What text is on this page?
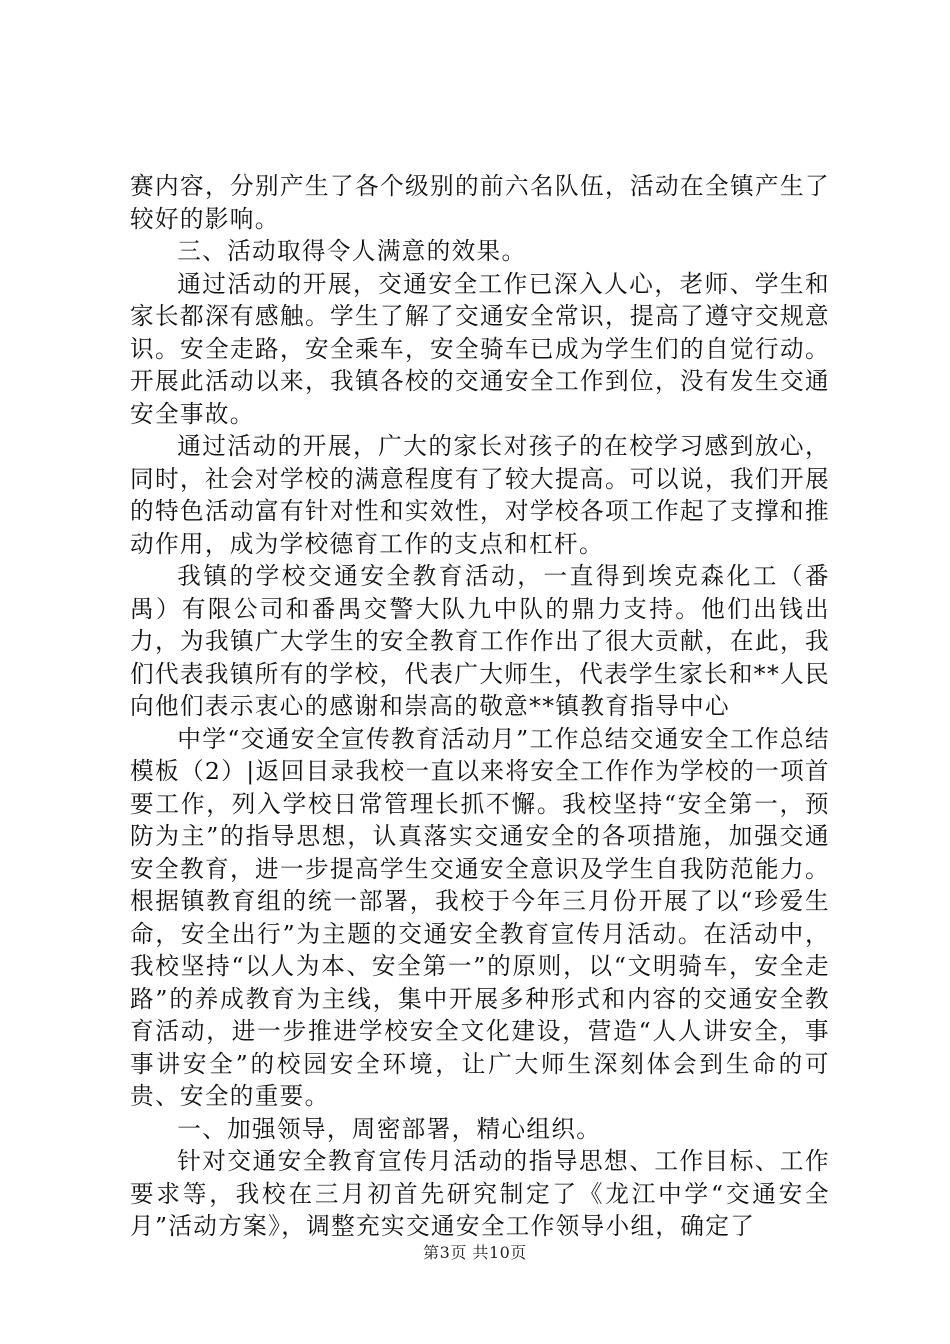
赛内容，分别产生了各个级别的前六名队伍，活动在全镇产生了较好的影响。

三、活动取得令人满意的效果。

通过活动的开展，交通安全工作已深入人心，老师、学生和家长都深有感触。学生了解了交通安全常识，提高了遵守交规意识。安全走路，安全乘车，安全骑车已成为学生们的自觉行动。开展此活动以来，我镇各校的交通安全工作到位，没有发生交通安全事故。

通过活动的开展，广大的家长对孩子的在校学习感到放心，同时，社会对学校的满意程度有了较大提高。可以说，我们开展的特色活动富有针对性和实效性，对学校各项工作起了支撑和推动作用，成为学校德育工作的支点和杠杆。

我镇的学校交通安全教育活动，一直得到埃克森化工（番禺）有限公司和番禺交警大队九中队的鼎力支持。他们出钱出力，为我镇广大学生的安全教育工作作出了很大贡献，在此，我们代表我镇所有的学校，代表广大师生，代表学生家长和**人民向他们表示衷心的感谢和崇高的敬意**镇教育指导中心

中学“交通安全宣传教育活动月”工作总结交通安全工作总结模板（2）|返回目录我校一直以来将安全工作作为学校的一项首要工作，列入学校日常管理长抓不懈。我校坚持“安全第一，预防为主”的指导思想，认真落实交通安全的各项措施，加强交通安全教育，进一步提高学生交通安全意识及学生自我防范能力。根据镇教育组的统一部署，我校于今年三月份开展了以“珍爱生命，安全出行”为主题的交通安全教育宣传月活动。在活动中，我校坚持“以人为本、安全第一”的原则，以“文明骑车，安全走路”的养成教育为主线，集中开展多种形式和内容的交通安全教育活动，进一步推进学校安全文化建设，营造“人人讲安全，事事讲安全”的校园安全环境，让广大师生深刻体会到生命的可贵、安全的重要。

一、加强领导，周密部署，精心组织。

针对交通安全教育宣传月活动的指导思想、工作目标、工作要求等，我校在三月初首先研究制定了《龙江中学“交通安全月”活动方案》，调整充实交通安全工作领导小组，确定了

第3页 共10页
